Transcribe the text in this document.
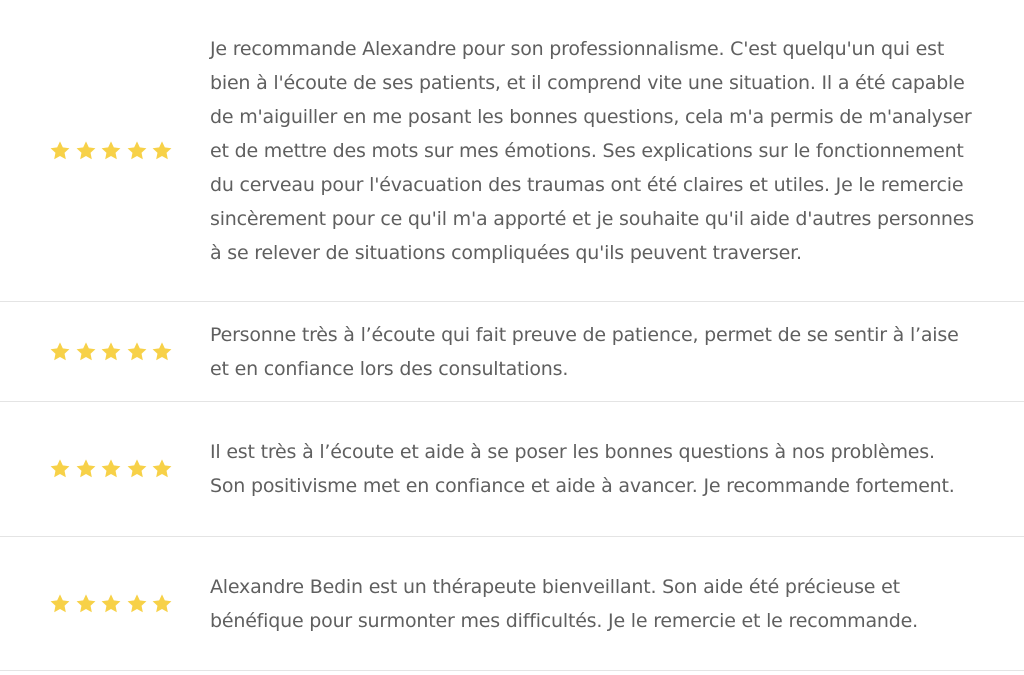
Je recommande Alexandre pour son professionnalisme. C'est quelqu'un qui est bien à l'écoute de ses patients, et il comprend vite une situation. Il a été capable de m'aiguiller en me posant les bonnes questions, cela m'a permis de m'analyser et de mettre des mots sur mes émotions. Ses explications sur le fonctionnement du cerveau pour l'évacuation des traumas ont été claires et utiles. Je le remercie sincèrement pour ce qu'il m'a apporté et je souhaite qu'il aide d'autres personnes à se relever de situations compliquées qu'ils peuvent traverser.

Personne très à l’écoute qui fait preuve de patience, permet de se sentir à l’aise et en confiance lors des consultations.

Il est très à l’écoute et aide à se poser les bonnes questions à nos problèmes. Son positivisme met en confiance et aide à avancer. Je recommande fortement.

Alexandre Bedin est un thérapeute bienveillant. Son aide été précieuse et bénéfique pour surmonter mes difficultés. Je le remercie et le recommande.
